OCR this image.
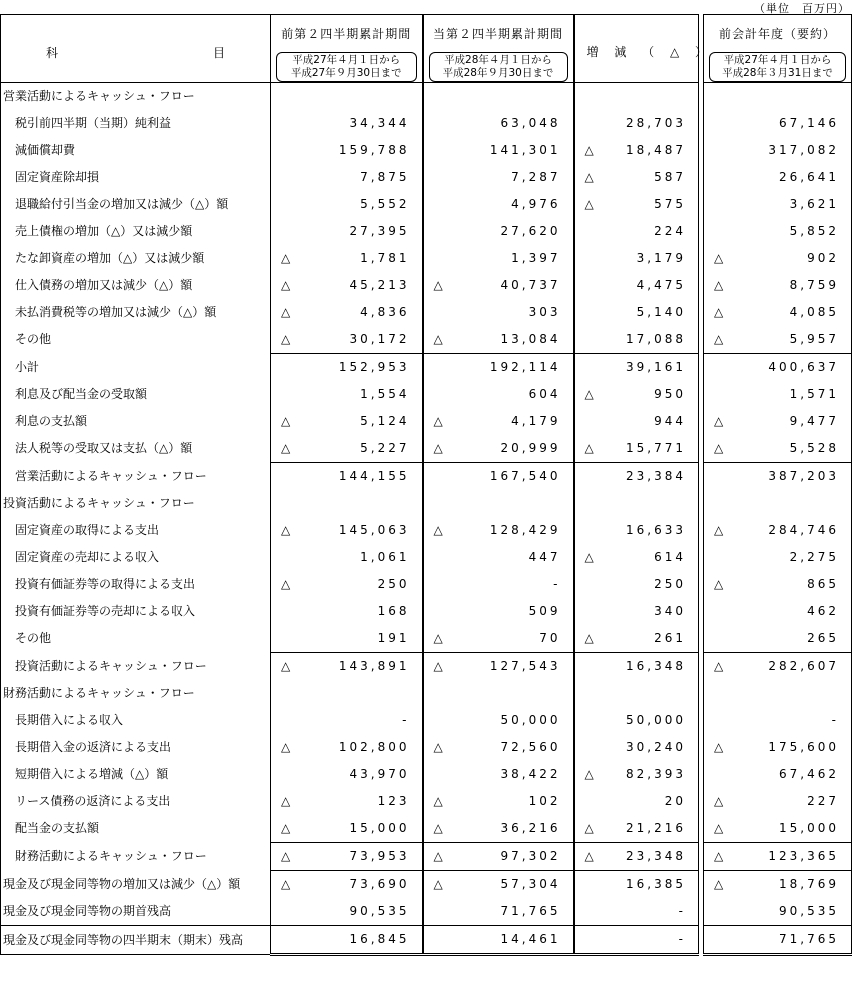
（単位　百万円）
科 目	前第２四半期累計期間
平成27年４月１日から
平成27年９月30日まで	当第２四半期累計期間
平成28年４月１日から
平成28年９月30日まで	増 減 （ △ ）		前会計年度（要約）
平成27年４月１日から
平成28年３月31日まで

営業活動によるキャッシュ・フロー					
税引前四半期（当期）純利益	34,344	63,048	28,703		67,146

減価償却費	159,788	141,301	△ 18,487		317,082

固定資産除却損	7,875	7,287	△ 587		26,641

退職給付引当金の増加又は減少（△）額	5,552	4,976	△ 575		3,621

売上債権の増加（△）又は減少額	27,395	27,620	224		5,852

たな卸資産の増加（△）又は減少額	△ 1,781	1,397	3,179		△ 902

仕入債務の増加又は減少（△）額	△ 45,213	△ 40,737	4,475		△ 8,759

未払消費税等の増加又は減少（△）額	△ 4,836	303	5,140		△ 4,085

その他	△ 30,172	△ 13,084	17,088		△ 5,957

小計	152,953	192,114	39,161		400,637

利息及び配当金の受取額	1,554	604	△ 950		1,571

利息の支払額	△ 5,124	△ 4,179	944		△ 9,477

法人税等の受取又は支払（△）額	△ 5,227	△ 20,999	△ 15,771		△ 5,528

営業活動によるキャッシュ・フロー	144,155	167,540	23,384		387,203

投資活動によるキャッシュ・フロー					
固定資産の取得による支出	△ 145,063	△ 128,429	16,633		△ 284,746

固定資産の売却による収入	1,061	447	△ 614		2,275

投資有価証券等の取得による支出	△ 250	-	250		△ 865

投資有価証券等の売却による収入	168	509	340		462

その他	191	△ 70	△ 261		265

投資活動によるキャッシュ・フロー	△ 143,891	△ 127,543	16,348		△ 282,607

財務活動によるキャッシュ・フロー					
長期借入による収入	-	50,000	50,000		-

長期借入金の返済による支出	△ 102,800	△ 72,560	30,240		△ 175,600

短期借入による増減（△）額	43,970	38,422	△ 82,393		67,462

リース債務の返済による支出	△ 123	△ 102	20		△ 227

配当金の支払額	△ 15,000	△ 36,216	△ 21,216		△ 15,000

財務活動によるキャッシュ・フロー	△ 73,953	△ 97,302	△ 23,348		△ 123,365

現金及び現金同等物の増加又は減少（△）額	△ 73,690	△ 57,304	16,385		△ 18,769

現金及び現金同等物の期首残高	90,535	71,765	-		90,535

現金及び現金同等物の四半期末（期末）残高	16,845	14,461	-		71,765
